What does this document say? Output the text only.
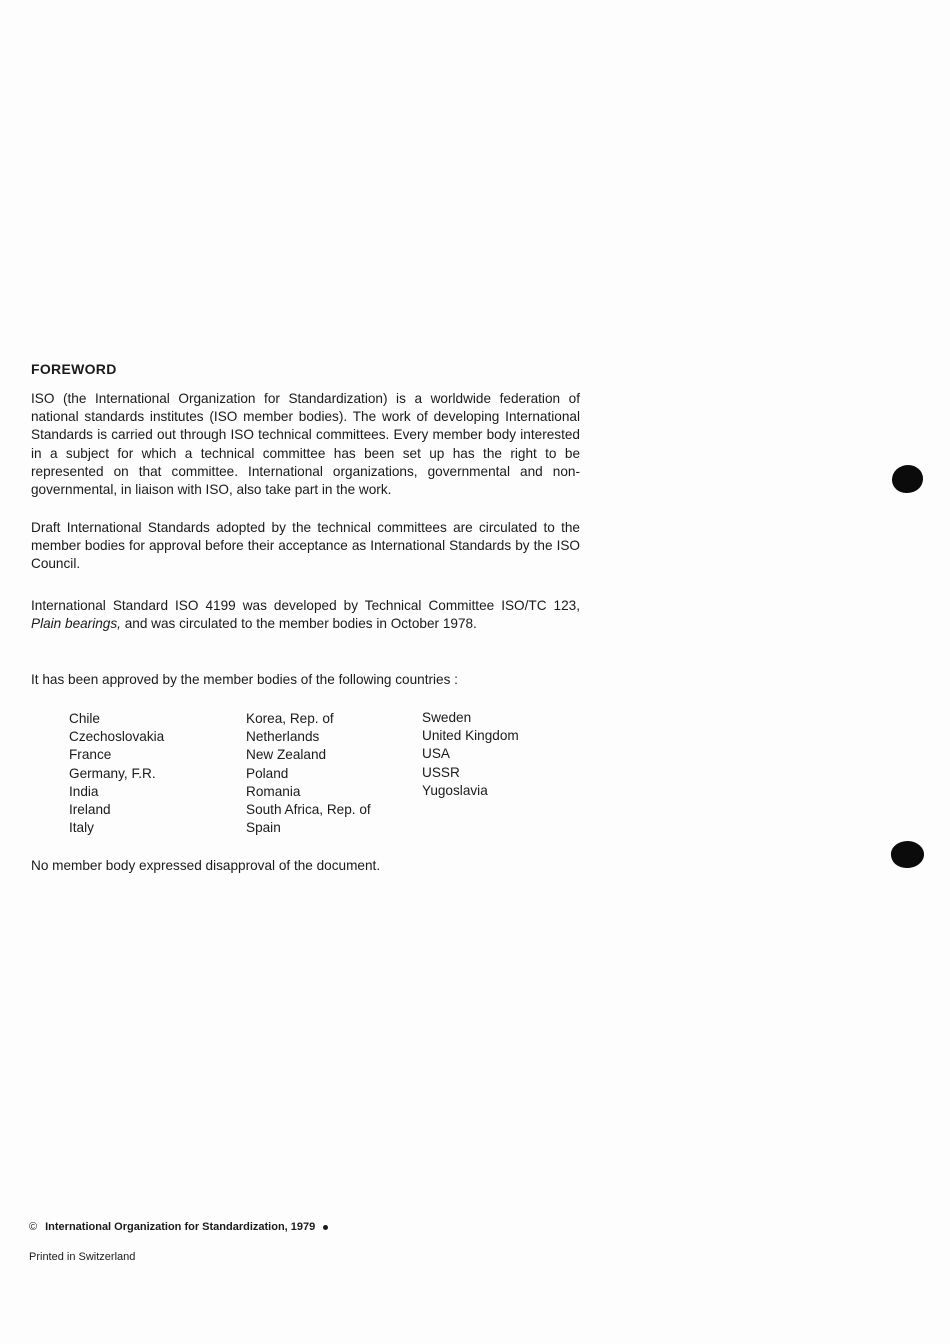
FOREWORD

ISO (the International Organization for Standardization) is a worldwide federation of national standards institutes (ISO member bodies). The work of developing International Standards is carried out through ISO technical committees. Every member body interested in a subject for which a technical committee has been set up has the right to be represented on that committee. International organizations, governmental and non-governmental, in liaison with ISO, also take part in the work.

Draft International Standards adopted by the technical committees are circulated to the member bodies for approval before their acceptance as International Standards by the ISO Council.

International Standard ISO 4199 was developed by Technical Committee ISO/TC 123, Plain bearings, and was circulated to the member bodies in October 1978.

It has been approved by the member bodies of the following countries :

Chile
Czechoslovakia
France
Germany, F.R.
India
Ireland
Italy
Korea, Rep. of
Netherlands
New Zealand
Poland
Romania
South Africa, Rep. of
Spain
Sweden
United Kingdom
USA
USSR
Yugoslavia

No member body expressed disapproval of the document.

© International Organization for Standardization, 1979

Printed in Switzerland
